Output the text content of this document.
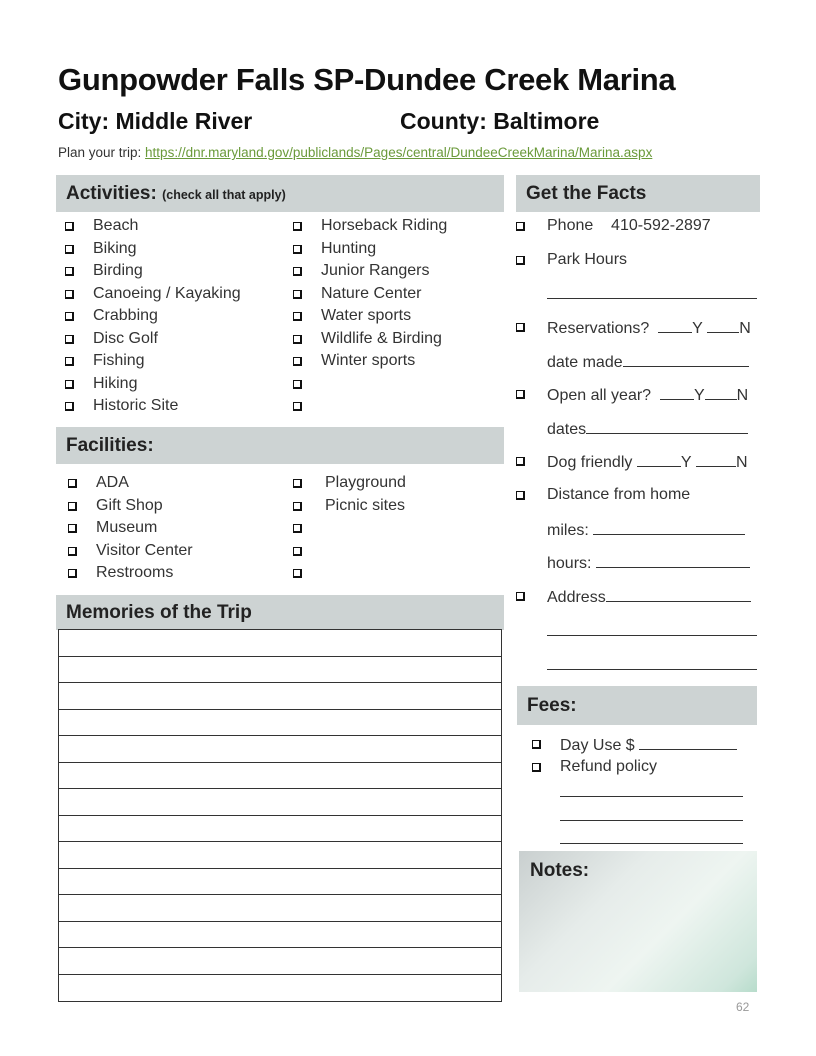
Gunpowder Falls SP-Dundee Creek Marina
City: Middle River	County: Baltimore
Plan your trip: https://dnr.maryland.gov/publiclands/Pages/central/DundeeCreekMarina/Marina.aspx
Activities: (check all that apply)
Beach
Biking
Birding
Canoeing / Kayaking
Crabbing
Disc Golf
Fishing
Hiking
Historic Site
Horseback Riding
Hunting
Junior Rangers
Nature Center
Water sports
Wildlife & Birding
Winter sports
Facilities:
ADA
Gift Shop
Museum
Visitor Center
Restrooms
Playground
Picnic sites
Memories of the Trip
Get the Facts
Phone 410-592-2897
Park Hours
Reservations?	Y N
date made
Open all year?	Y N
dates
Dog friendly	Y	N
Distance from home
miles:
hours:
Address
Fees:
Day Use $
Refund policy
Notes:
62
